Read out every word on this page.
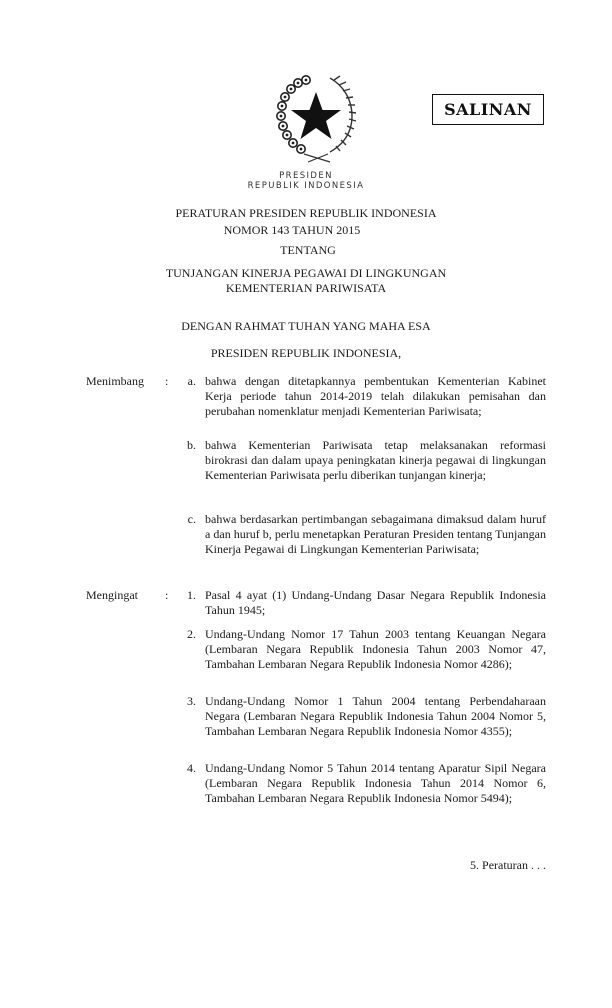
SALINAN
PRESIDEN
REPUBLIK INDONESIA
PERATURAN PRESIDEN REPUBLIK INDONESIA
NOMOR 143 TAHUN 2015
TENTANG
TUNJANGAN KINERJA PEGAWAI DI LINGKUNGAN
KEMENTERIAN PARIWISATA
DENGAN RAHMAT TUHAN YANG MAHA ESA
PRESIDEN REPUBLIK INDONESIA,
Menimbang :	a. bahwa dengan ditetapkannya pembentukan Kementerian Kabinet Kerja periode tahun 2014-2019 telah dilakukan pemisahan dan perubahan nomenklatur menjadi Kementerian Pariwisata;
b. bahwa Kementerian Pariwisata tetap melaksanakan reformasi birokrasi dan dalam upaya peningkatan kinerja pegawai di lingkungan Kementerian Pariwisata perlu diberikan tunjangan kinerja;
c. bahwa berdasarkan pertimbangan sebagaimana dimaksud dalam huruf a dan huruf b, perlu menetapkan Peraturan Presiden tentang Tunjangan Kinerja Pegawai di Lingkungan Kementerian Pariwisata;
Mengingat :	1. Pasal 4 ayat (1) Undang-Undang Dasar Negara Republik Indonesia Tahun 1945;
2. Undang-Undang Nomor 17 Tahun 2003 tentang Keuangan Negara (Lembaran Negara Republik Indonesia Tahun 2003 Nomor 47, Tambahan Lembaran Negara Republik Indonesia Nomor 4286);
3. Undang-Undang Nomor 1 Tahun 2004 tentang Perbendaharaan Negara (Lembaran Negara Republik Indonesia Tahun 2004 Nomor 5, Tambahan Lembaran Negara Republik Indonesia Nomor 4355);
4. Undang-Undang Nomor 5 Tahun 2014 tentang Aparatur Sipil Negara (Lembaran Negara Republik Indonesia Tahun 2014 Nomor 6, Tambahan Lembaran Negara Republik Indonesia Nomor 5494);
5. Peraturan . . .
